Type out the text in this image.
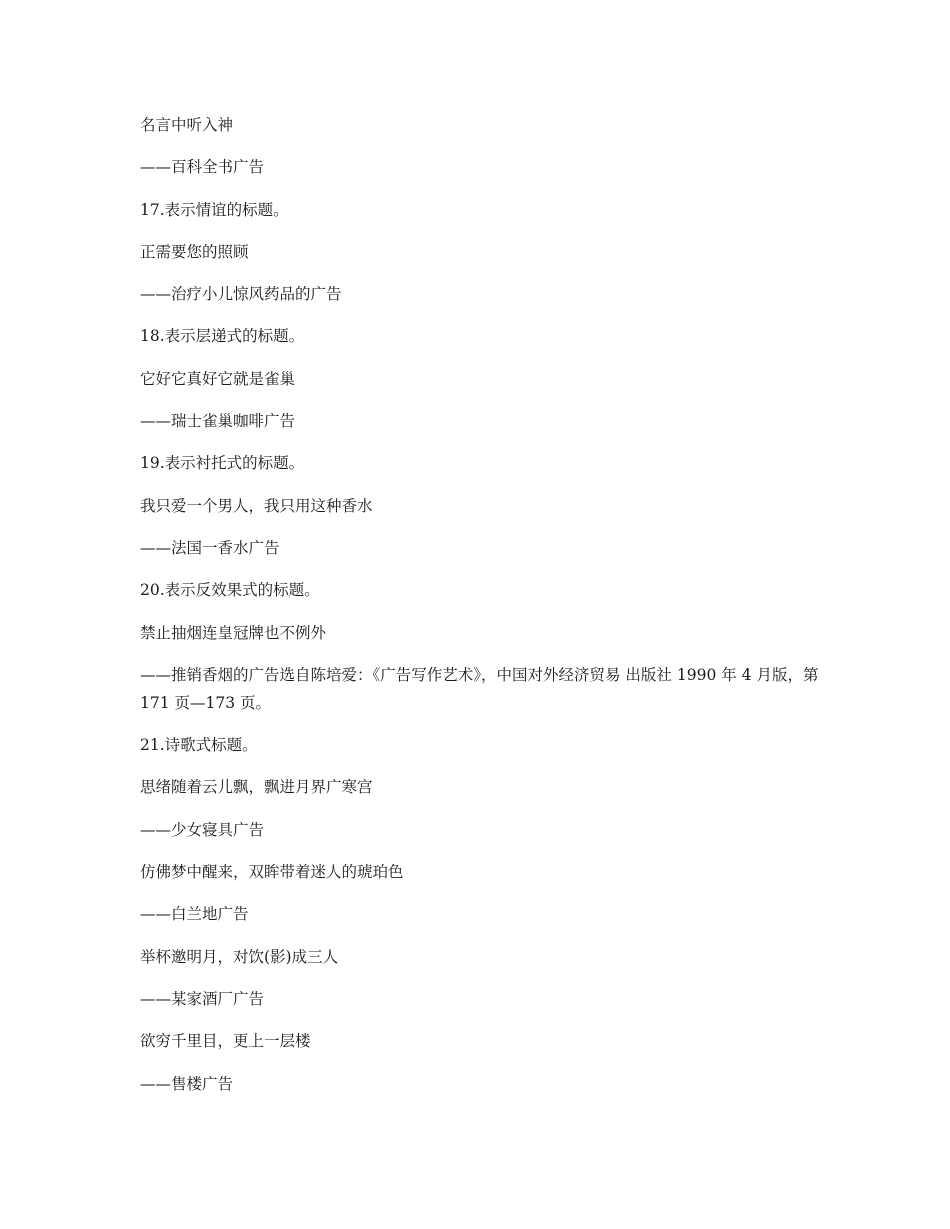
名言中听入神

——百科全书广告

17.表示情谊的标题。

正需要您的照顾

——治疗小儿惊风药品的广告

18.表示层递式的标题。

它好它真好它就是雀巢

——瑞士雀巢咖啡广告

19.表示衬托式的标题。

我只爱一个男人，我只用这种香水

——法国一香水广告

20.表示反效果式的标题。

禁止抽烟连皇冠牌也不例外

——推销香烟的广告选自陈培爱：《广告写作艺术》，中国对外经济贸易 出版社 1990 年 4 月版，第 171 页—173 页。

21.诗歌式标题。

思绪随着云儿飘，飘进月界广寒宫

——少女寝具广告

仿佛梦中醒来，双眸带着迷人的琥珀色

——白兰地广告

举杯邀明月，对饮(影)成三人

——某家酒厂广告

欲穷千里目，更上一层楼

——售楼广告
